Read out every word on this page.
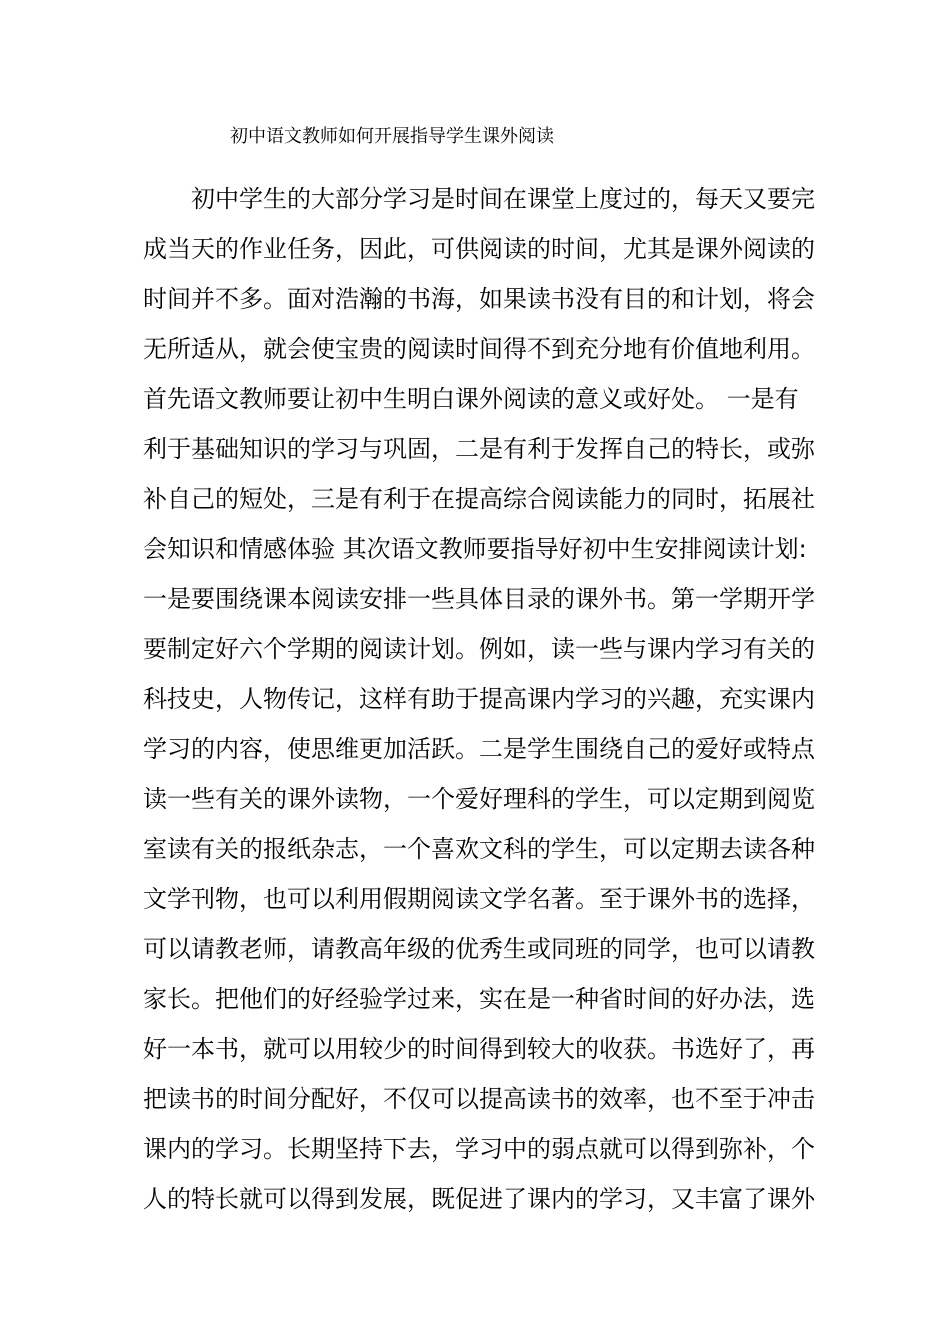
初中语文教师如何开展指导学生课外阅读
　　初中学生的大部分学习是时间在课堂上度过的，每天又要完
成当天的作业任务，因此，可供阅读的时间，尤其是课外阅读的
时间并不多。面对浩瀚的书海，如果读书没有目的和计划，将会
无所适从，就会使宝贵的阅读时间得不到充分地有价值地利用。
首先语文教师要让初中生明白课外阅读的意义或好处。 一是有
利于基础知识的学习与巩固，二是有利于发挥自己的特长，或弥
补自己的短处，三是有利于在提高综合阅读能力的同时，拓展社
会知识和情感体验 其次语文教师要指导好初中生安排阅读计划:
一是要围绕课本阅读安排一些具体目录的课外书。第一学期开学
要制定好六个学期的阅读计划。例如，读一些与课内学习有关的
科技史，人物传记，这样有助于提高课内学习的兴趣，充实课内
学习的内容，使思维更加活跃。二是学生围绕自己的爱好或特点
读一些有关的课外读物，一个爱好理科的学生，可以定期到阅览
室读有关的报纸杂志，一个喜欢文科的学生，可以定期去读各种
文学刊物，也可以利用假期阅读文学名著。至于课外书的选择，
可以请教老师，请教高年级的优秀生或同班的同学，也可以请教
家长。把他们的好经验学过来，实在是一种省时间的好办法，选
好一本书，就可以用较少的时间得到较大的收获。书选好了，再
把读书的时间分配好，不仅可以提高读书的效率，也不至于冲击
课内的学习。长期坚持下去，学习中的弱点就可以得到弥补，个
人的特长就可以得到发展，既促进了课内的学习，又丰富了课外
